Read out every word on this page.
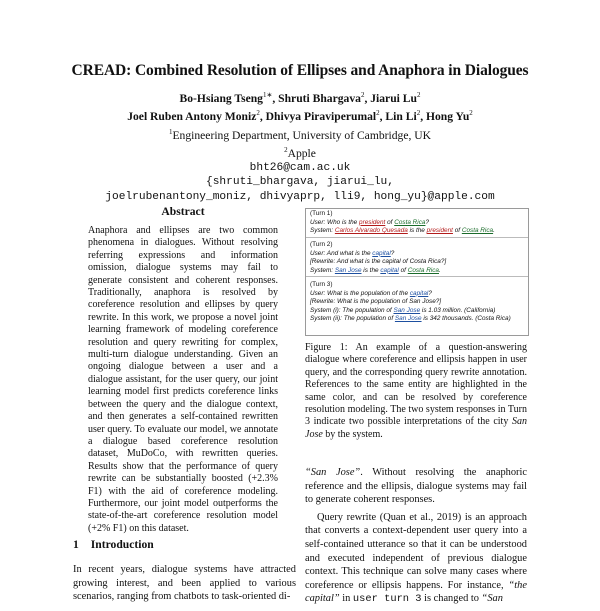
CREAD: Combined Resolution of Ellipses and Anaphora in Dialogues
Bo-Hsiang Tseng$^{1∗}$, Shruti Bhargava$^2$, Jiarui Lu$^2$
Joel Ruben Antony Moniz$^2$, Dhivya Piraviperumal$^2$, Lin Li$^2$, Hong Yu$^2$
$^1$Engineering Department, University of Cambridge, UK
$^2$Apple
bht26@cam.ac.uk
{shruti_bhargava, jiarui_lu,
joelrubenantony_moniz, dhivyaprp, lli9, hong_yu}@apple.com
Abstract
Anaphora and ellipses are two common phenomena in dialogues. Without resolving referring expressions and information omission, dialogue systems may fail to generate consistent and coherent responses. Traditionally, anaphora is resolved by coreference resolution and ellipses by query rewrite. In this work, we propose a novel joint learning framework of modeling coreference resolution and query rewriting for complex, multi-turn dialogue understanding. Given an ongoing dialogue between a user and a dialogue assistant, for the user query, our joint learning model first predicts coreference links between the query and the dialogue context, and then generates a self-contained rewritten user query. To evaluate our model, we annotate a dialogue based coreference resolution dataset, MuDoCo, with rewritten queries. Results show that the performance of query rewrite can be substantially boosted (+2.3% F1) with the aid of coreference modeling. Furthermore, our joint model outperforms the state-of-the-art coreference resolution model (+2% F1) on this dataset.
1 Introduction
In recent years, dialogue systems have attracted growing interest, and been applied to various scenarios, ranging from chatbots to task-oriented di-
(Turn 1)
User: Who is the president of Costa Rica?
System: Carlos Alvarado Quesada is the president of Costa Rica.
(Turn 2)
User: And what is the capital?
[Rewrite: And what is the capital of Costa Rica?]
System: San Jose is the capital of Costa Rica.
(Turn 3)
User: What is the population of the capital?
[Rewrite: What is the population of San Jose?]
System (i): The population of San Jose is 1.03 million. (California)
System (ii): The population of San Jose is 342 thousands. (Costa Rica)
Figure 1: An example of a question-answering dialogue where coreference and ellipsis happen in user query, and the corresponding query rewrite annotation. References to the same entity are highlighted in the same color, and can be resolved by coreference resolution modeling. The two system responses in Turn 3 indicate two possible interpretations of the city San Jose by the system.

“San Jose”. Without resolving the anaphoric reference and the ellipsis, dialogue systems may fail to generate coherent responses.

Query rewrite (Quan et al., 2019) is an approach that converts a context-dependent user query into a self-contained utterance so that it can be understood and executed independent of previous dialogue context. This technique can solve many cases where coreference or ellipsis happens. For instance, “the capital” in user turn 3 is changed to “San
